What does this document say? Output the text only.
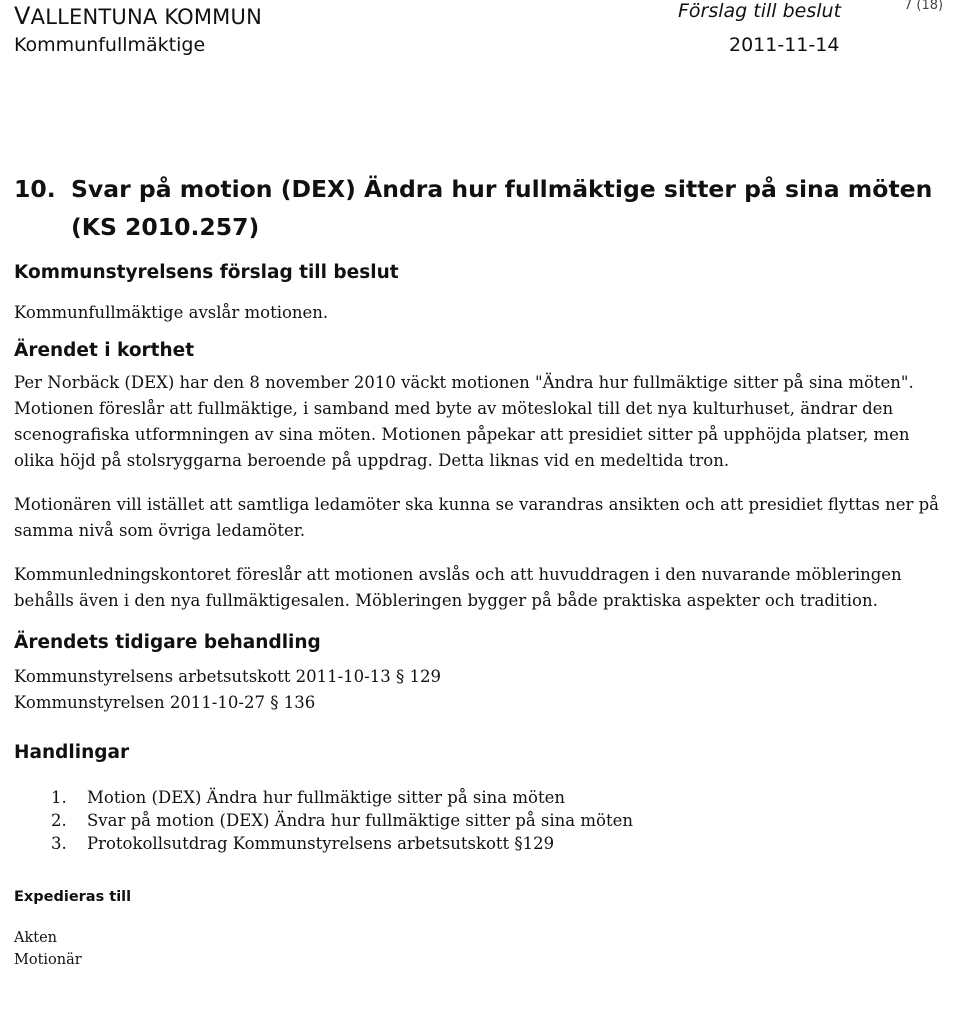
VALLENTUNA KOMMUN
Kommunfullmäktige
Förslag till beslut
2011-11-14
7 (18)
10. Svar på motion (DEX) Ändra hur fullmäktige sitter på sina möten (KS 2010.257)
Kommunstyrelsens förslag till beslut

Kommunfullmäktige avslår motionen.

Ärendet i korthet

Per Norbäck (DEX) har den 8 november 2010 väckt motionen "Ändra hur fullmäktige sitter på sina möten". Motionen föreslår att fullmäktige, i samband med byte av möteslokal till det nya kulturhuset, ändrar den scenografiska utformningen av sina möten. Motionen påpekar att presidiet sitter på upphöjda platser, men olika höjd på stolsryggarna beroende på uppdrag. Detta liknas vid en medeltida tron.

Motionären vill istället att samtliga ledamöter ska kunna se varandras ansikten och att presidiet flyttas ner på samma nivå som övriga ledamöter.

Kommunledningskontoret föreslår att motionen avslås och att huvuddragen i den nuvarande möbleringen behålls även i den nya fullmäktigesalen. Möbleringen bygger på både praktiska aspekter och tradition.

Ärendets tidigare behandling
Kommunstyrelsens arbetsutskott 2011-10-13 § 129
Kommunstyrelsen 2011-10-27 § 136
Handlingar
1.	Motion (DEX) Ändra hur fullmäktige sitter på sina möten
2.	Svar på motion (DEX) Ändra hur fullmäktige sitter på sina möten
3.	Protokollsutdrag Kommunstyrelsens arbetsutskott
§ 129
Expedieras till
Akten
Motionär
